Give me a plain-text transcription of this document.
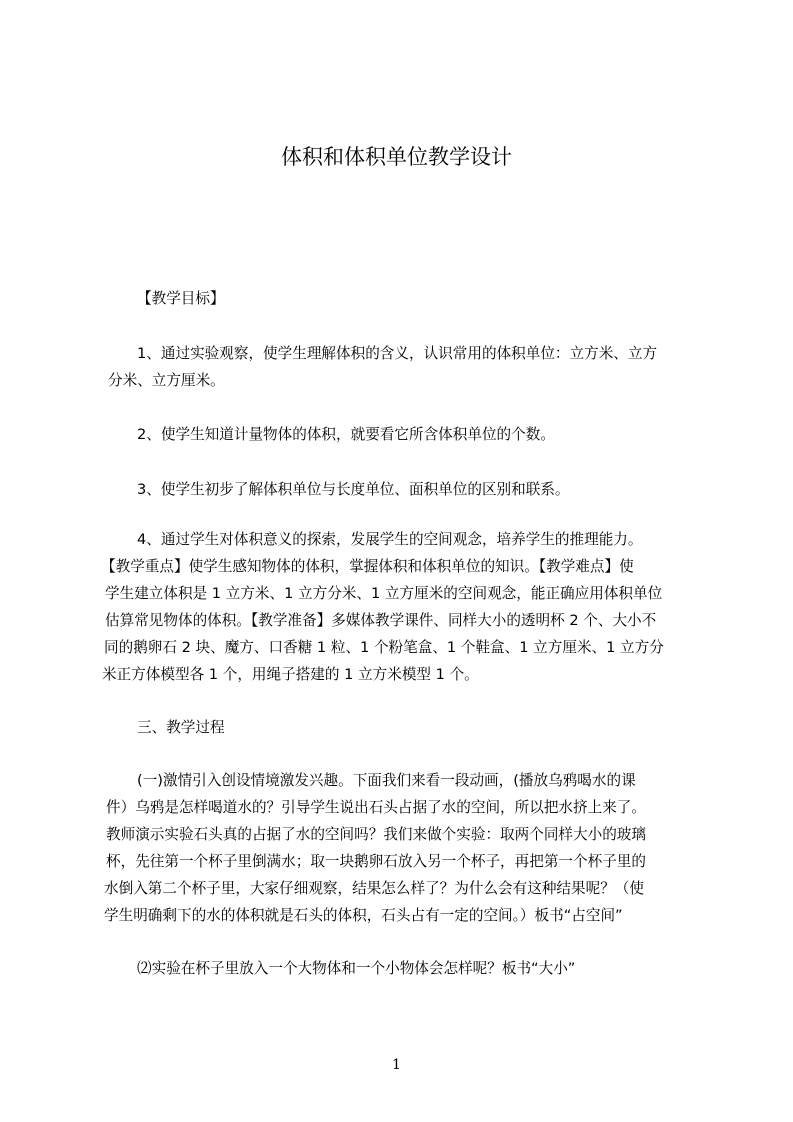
体积和体积单位教学设计

【教学目标】

1、通过实验观察，使学生理解体积的含义，认识常用的体积单位：立方米、立方

分米、立方厘米。

2、使学生知道计量物体的体积，就要看它所含体积单位的个数。

3、使学生初步了解体积单位与长度单位、面积单位的区别和联系。

4、通过学生对体积意义的探索，发展学生的空间观念，培养学生的推理能力。

【教学重点】使学生感知物体的体积，掌握体积和体积单位的知识。【教学难点】使

学生建立体积是 1 立方米、1 立方分米、1 立方厘米的空间观念，能正确应用体积单位

估算常见物体的体积。【教学准备】多媒体教学课件、同样大小的透明杯 2 个、大小不

同的鹅卵石 2 块、魔方、口香糖 1 粒、1 个粉笔盒、1 个鞋盒、1 立方厘米、1 立方分

米正方体模型各 1 个，用绳子搭建的 1 立方米模型 1 个。

三、教学过程

(一)激情引入创设情境激发兴趣。下面我们来看一段动画，(播放乌鸦喝水的课

件）乌鸦是怎样喝道水的？引导学生说出石头占据了水的空间，所以把水挤上来了。

教师演示实验石头真的占据了水的空间吗？我们来做个实验：取两个同样大小的玻璃

杯，先往第一个杯子里倒满水；取一块鹅卵石放入另一个杯子，再把第一个杯子里的

水倒入第二个杯子里，大家仔细观察，结果怎么样了？为什么会有这种结果呢？（使

学生明确剩下的水的体积就是石头的体积，石头占有一定的空间。）板书“占空间”

⑵实验在杯子里放入一个大物体和一个小物体会怎样呢？板书“大小”

1
